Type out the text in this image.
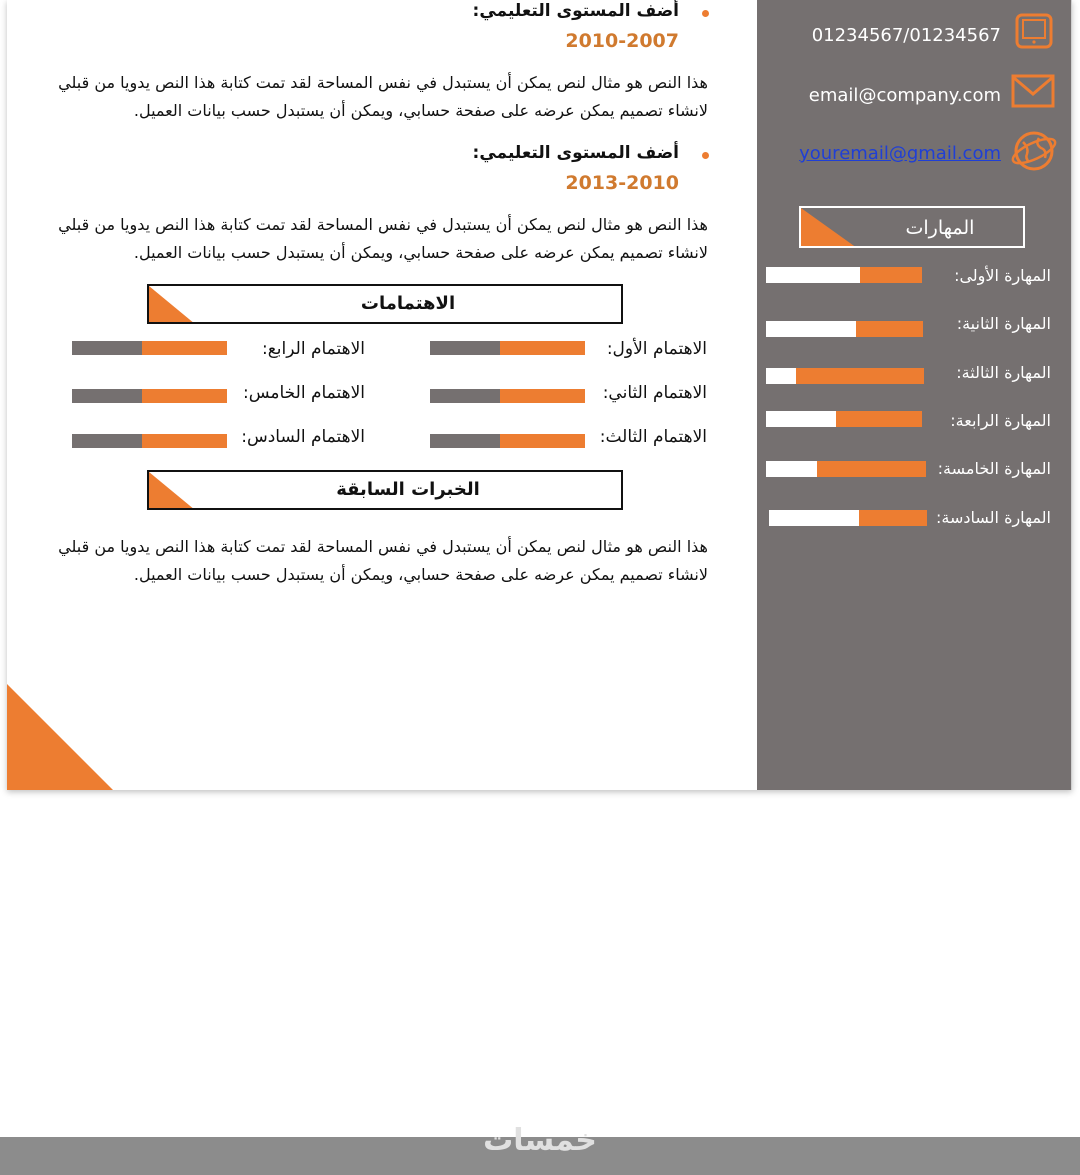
أضف المستوى التعليمي:
2010-2007
هذا النص هو مثال لنص يمكن أن يستبدل في نفس المساحة لقد تمت كتابة هذا النص يدويا من قبلي لانشاء تصميم يمكن عرضه على صفحة حسابي، ويمكن أن يستبدل حسب بيانات العميل.
أضف المستوى التعليمي:
2013-2010
هذا النص هو مثال لنص يمكن أن يستبدل في نفس المساحة لقد تمت كتابة هذا النص يدويا من قبلي لانشاء تصميم يمكن عرضه على صفحة حسابي، ويمكن أن يستبدل حسب بيانات العميل.
الاهتمامات
الاهتمام الأول:
الاهتمام الثاني:
الاهتمام الثالث:
الاهتمام الرابع:
الاهتمام الخامس:
الاهتمام السادس:
الخبرات السابقة
هذا النص هو مثال لنص يمكن أن يستبدل في نفس المساحة لقد تمت كتابة هذا النص يدويا من قبلي لانشاء تصميم يمكن عرضه على صفحة حسابي، ويمكن أن يستبدل حسب بيانات العميل.
01234567/01234567
email@company.com
youremail@gmail.com
المهارات
المهارة الأولى:
المهارة الثانية:
المهارة الثالثة:
المهارة الرابعة:
المهارة الخامسة:
المهارة السادسة:
خمسات
